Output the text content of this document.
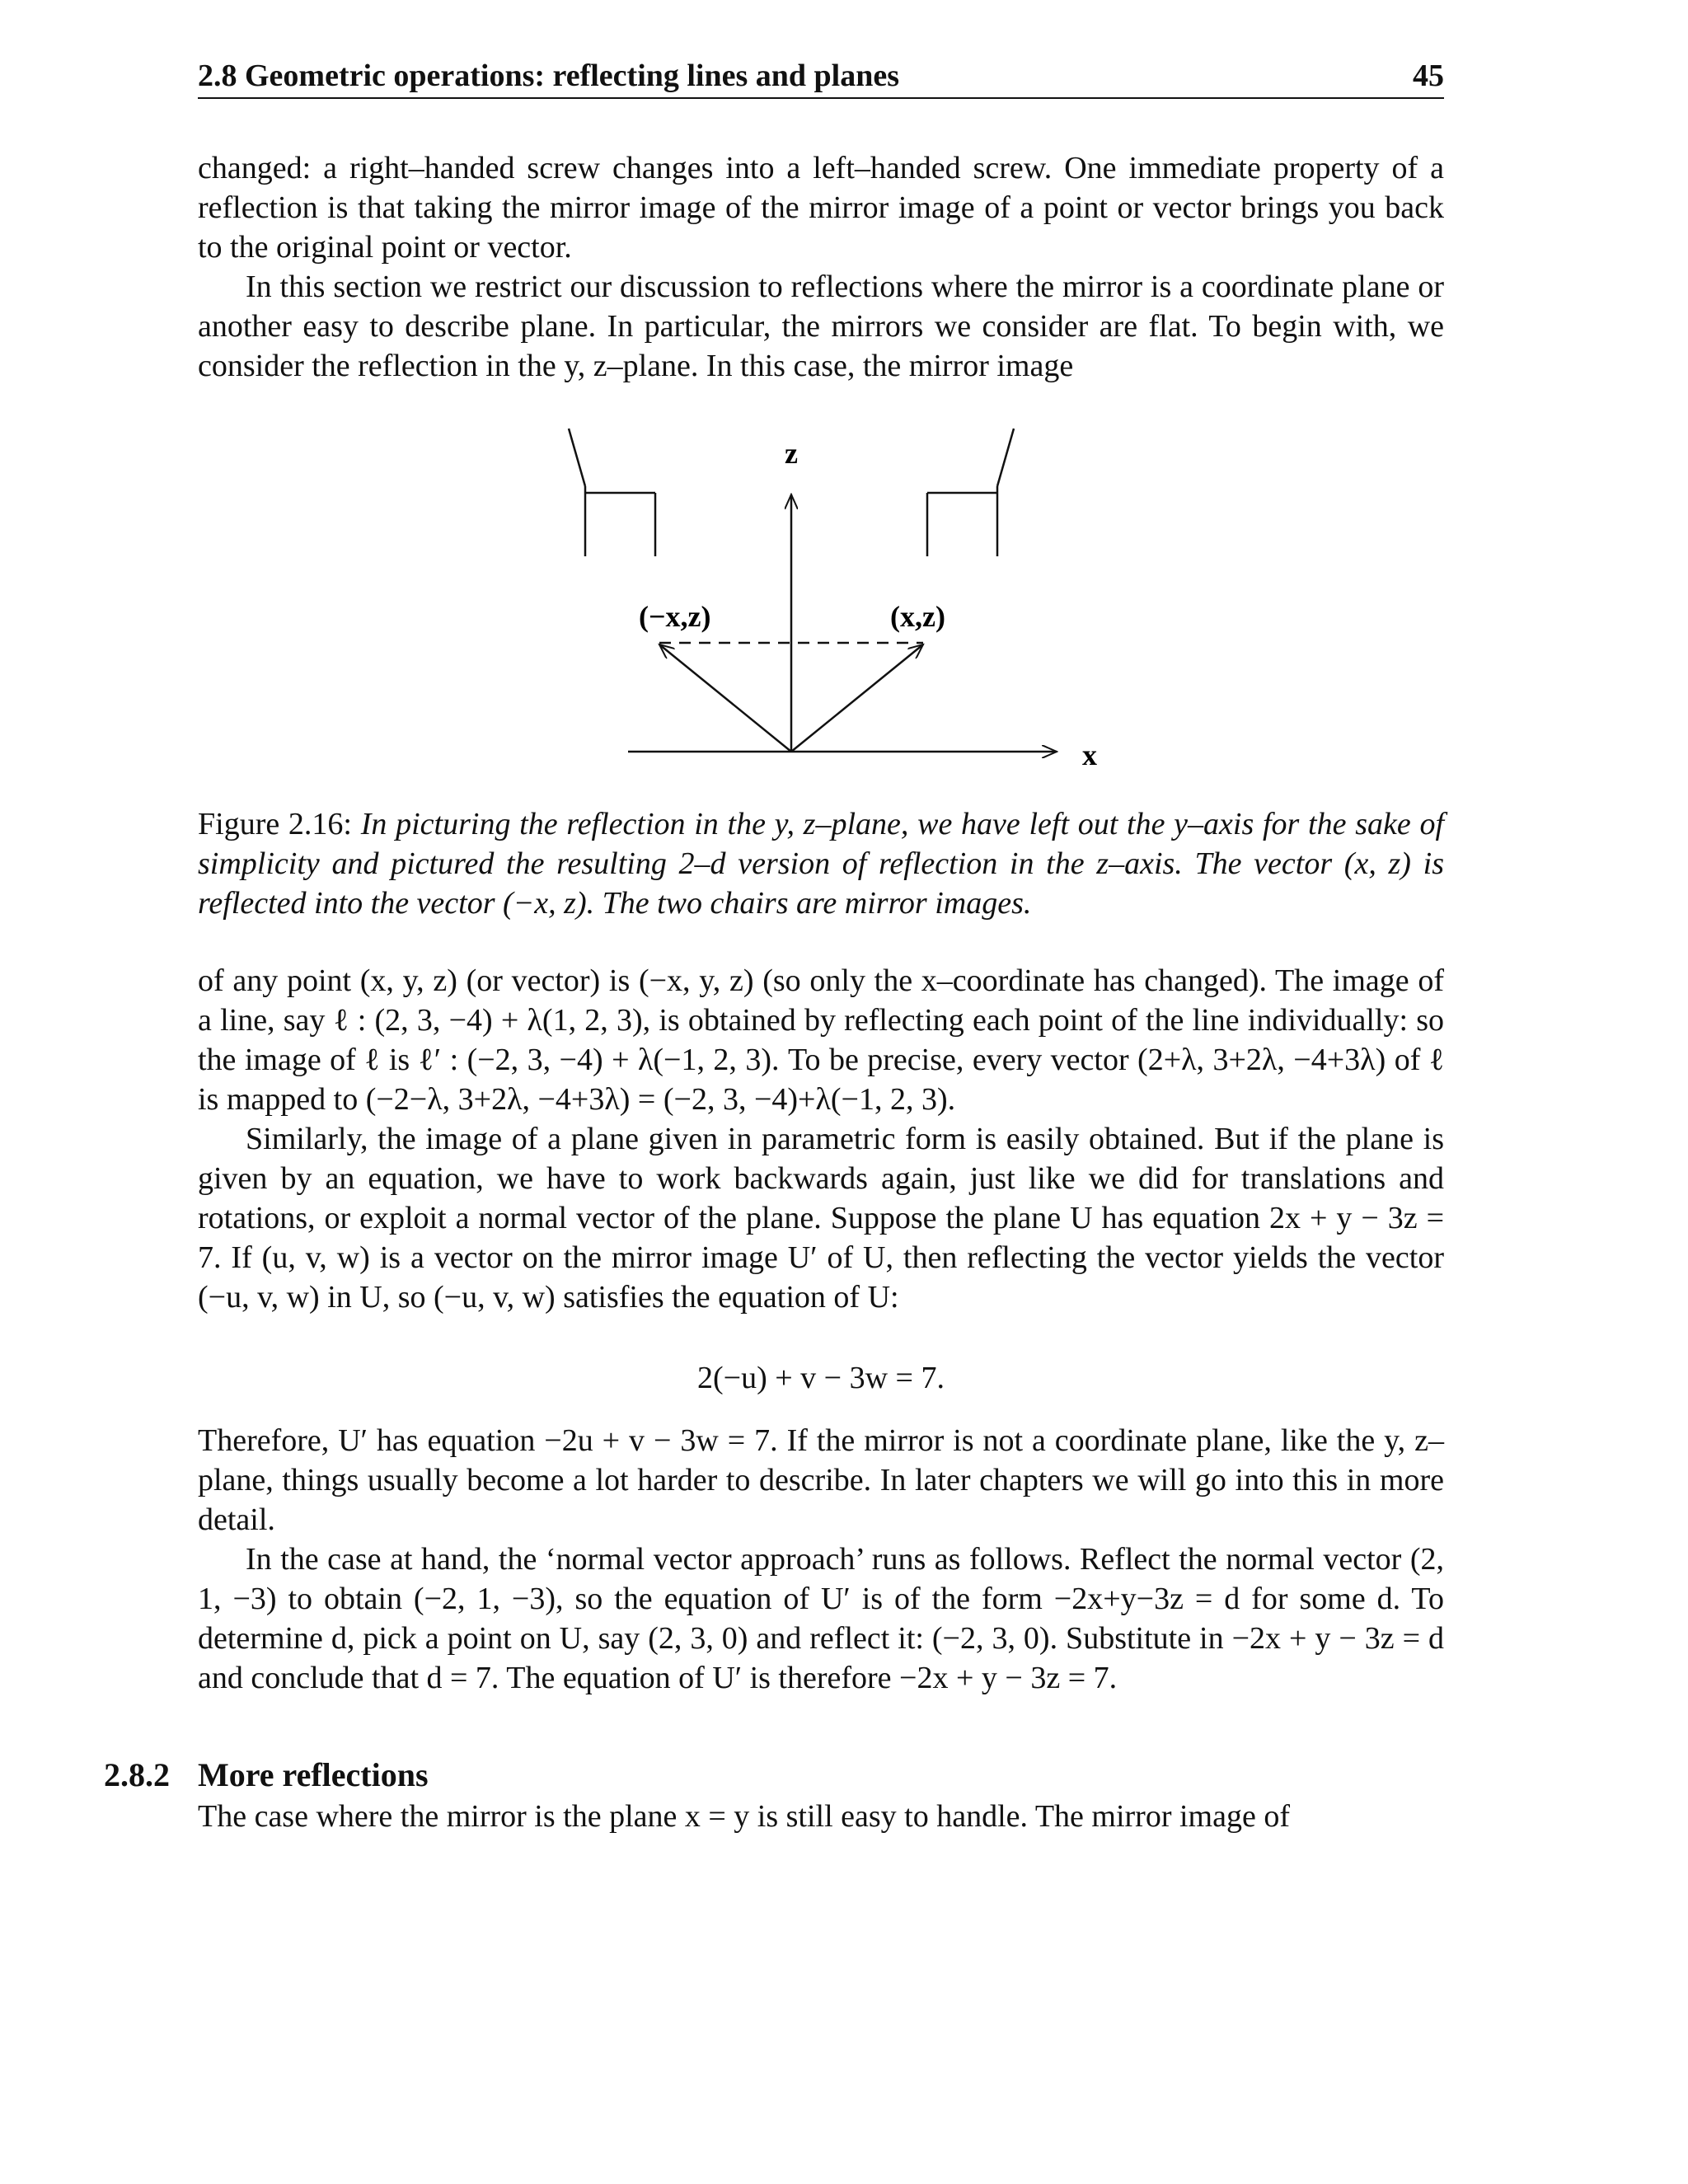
2.8 Geometric operations: reflecting lines and planes	45

changed: a right–handed screw changes into a left–handed screw. One immediate property of a reflection is that taking the mirror image of the mirror image of a point or vector brings you back to the original point or vector.

In this section we restrict our discussion to reflections where the mirror is a coordinate plane or another easy to describe plane. In particular, the mirrors we consider are flat. To begin with, we consider the reflection in the y, z–plane. In this case, the mirror image

z
x
(−x,z)	(x,z)
Figure 2.16: In picturing the reflection in the y, z–plane, we have left out the y–axis for the sake of simplicity and pictured the resulting 2–d version of reflection in the z–axis. The vector (x, z) is reflected into the vector (−x, z). The two chairs are mirror images.

of any point (x, y, z) (or vector) is (−x, y, z) (so only the x–coordinate has changed). The image of a line, say ℓ : (2, 3, −4) + λ(1, 2, 3), is obtained by reflecting each point of the line individually: so the image of ℓ is ℓ′ : (−2, 3, −4) + λ(−1, 2, 3). To be precise, every vector (2+λ, 3+2λ, −4+3λ) of ℓ is mapped to (−2−λ, 3+2λ, −4+3λ) = (−2, 3, −4)+λ(−1, 2, 3).

Similarly, the image of a plane given in parametric form is easily obtained. But if the plane is given by an equation, we have to work backwards again, just like we did for translations and rotations, or exploit a normal vector of the plane. Suppose the plane U has equation 2x + y − 3z = 7. If (u, v, w) is a vector on the mirror image U′ of U, then reflecting the vector yields the vector (−u, v, w) in U, so (−u, v, w) satisfies the equation of U:

2(−u) + v − 3w = 7.

Therefore, U′ has equation −2u + v − 3w = 7. If the mirror is not a coordinate plane, like the y, z–plane, things usually become a lot harder to describe. In later chapters we will go into this in more detail.

In the case at hand, the ‘normal vector approach’ runs as follows. Reflect the normal vector (2, 1, −3) to obtain (−2, 1, −3), so the equation of U′ is of the form −2x+y−3z = d for some d. To determine d, pick a point on U, say (2, 3, 0) and reflect it: (−2, 3, 0). Substitute in −2x + y − 3z = d and conclude that d = 7. The equation of U′ is therefore −2x + y − 3z = 7.

2.8.2 More reflections

The case where the mirror is the plane x = y is still easy to handle. The mirror image of
